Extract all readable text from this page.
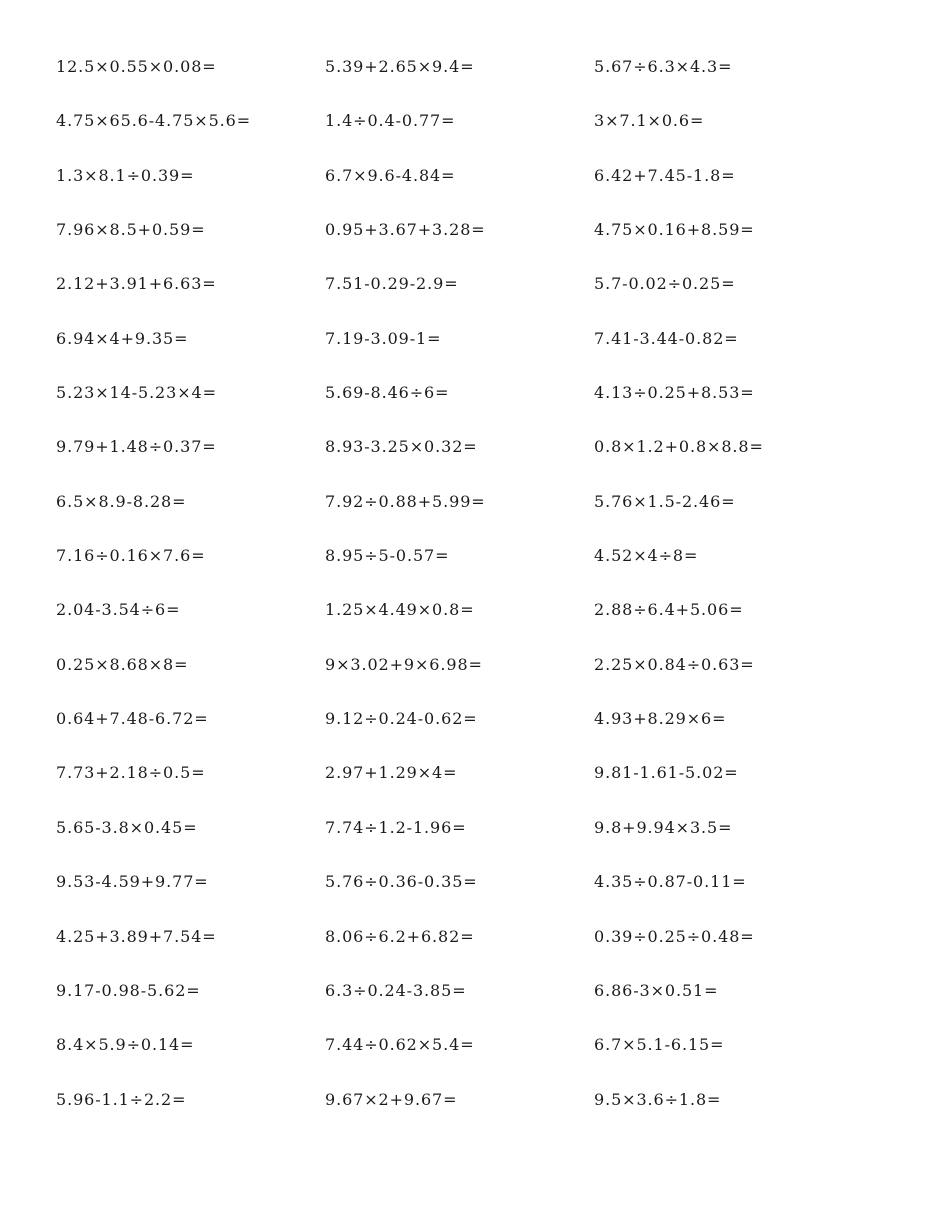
12.5×0.55×0.08=	5.39+2.65×9.4=	5.67÷6.3×4.3=
4.75×65.6-4.75×5.6=	1.4÷0.4-0.77=	3×7.1×0.6=
1.3×8.1÷0.39=	6.7×9.6-4.84=	6.42+7.45-1.8=
7.96×8.5+0.59=	0.95+3.67+3.28=	4.75×0.16+8.59=
2.12+3.91+6.63=	7.51-0.29-2.9=	5.7-0.02÷0.25=
6.94×4+9.35=	7.19-3.09-1=	7.41-3.44-0.82=
5.23×14-5.23×4=	5.69-8.46÷6=	4.13÷0.25+8.53=
9.79+1.48÷0.37=	8.93-3.25×0.32=	0.8×1.2+0.8×8.8=
6.5×8.9-8.28=	7.92÷0.88+5.99=	5.76×1.5-2.46=
7.16÷0.16×7.6=	8.95÷5-0.57=	4.52×4÷8=
2.04-3.54÷6=	1.25×4.49×0.8=	2.88÷6.4+5.06=
0.25×8.68×8=	9×3.02+9×6.98=	2.25×0.84÷0.63=
0.64+7.48-6.72=	9.12÷0.24-0.62=	4.93+8.29×6=
7.73+2.18÷0.5=	2.97+1.29×4=	9.81-1.61-5.02=
5.65-3.8×0.45=	7.74÷1.2-1.96=	9.8+9.94×3.5=
9.53-4.59+9.77=	5.76÷0.36-0.35=	4.35÷0.87-0.11=
4.25+3.89+7.54=	8.06÷6.2+6.82=	0.39÷0.25÷0.48=
9.17-0.98-5.62=	6.3÷0.24-3.85=	6.86-3×0.51=
8.4×5.9÷0.14=	7.44÷0.62×5.4=	6.7×5.1-6.15=
5.96-1.1÷2.2=	9.67×2+9.67=	9.5×3.6÷1.8=
